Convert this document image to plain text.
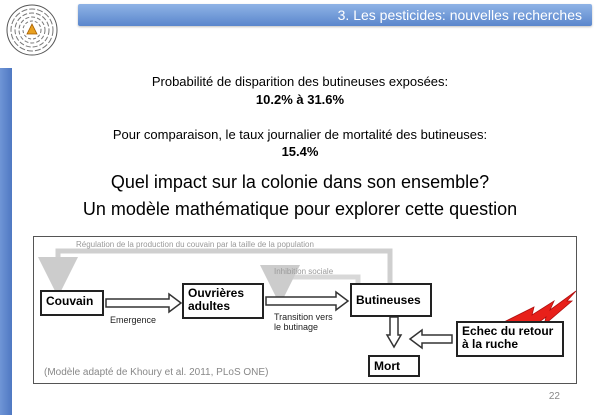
3. Les pesticides: nouvelles recherches
Probabilité de disparition des butineuses exposées:
10.2% à 31.6%
Pour comparaison, le taux journalier de mortalité des butineuses:
15.4%
Quel impact sur la colonie dans son ensemble?
Un modèle mathématique pour explorer cette question
Régulation de la production du couvain par la taille de la population
Inhibition sociale
Couvain
Ouvrières
adultes	Butineuses
Emergence	Transition vers
le butinage	Echec du retour
à la ruche
Mort
(Modèle adapté de Khoury et al. 2011, PLoS ONE)
22
